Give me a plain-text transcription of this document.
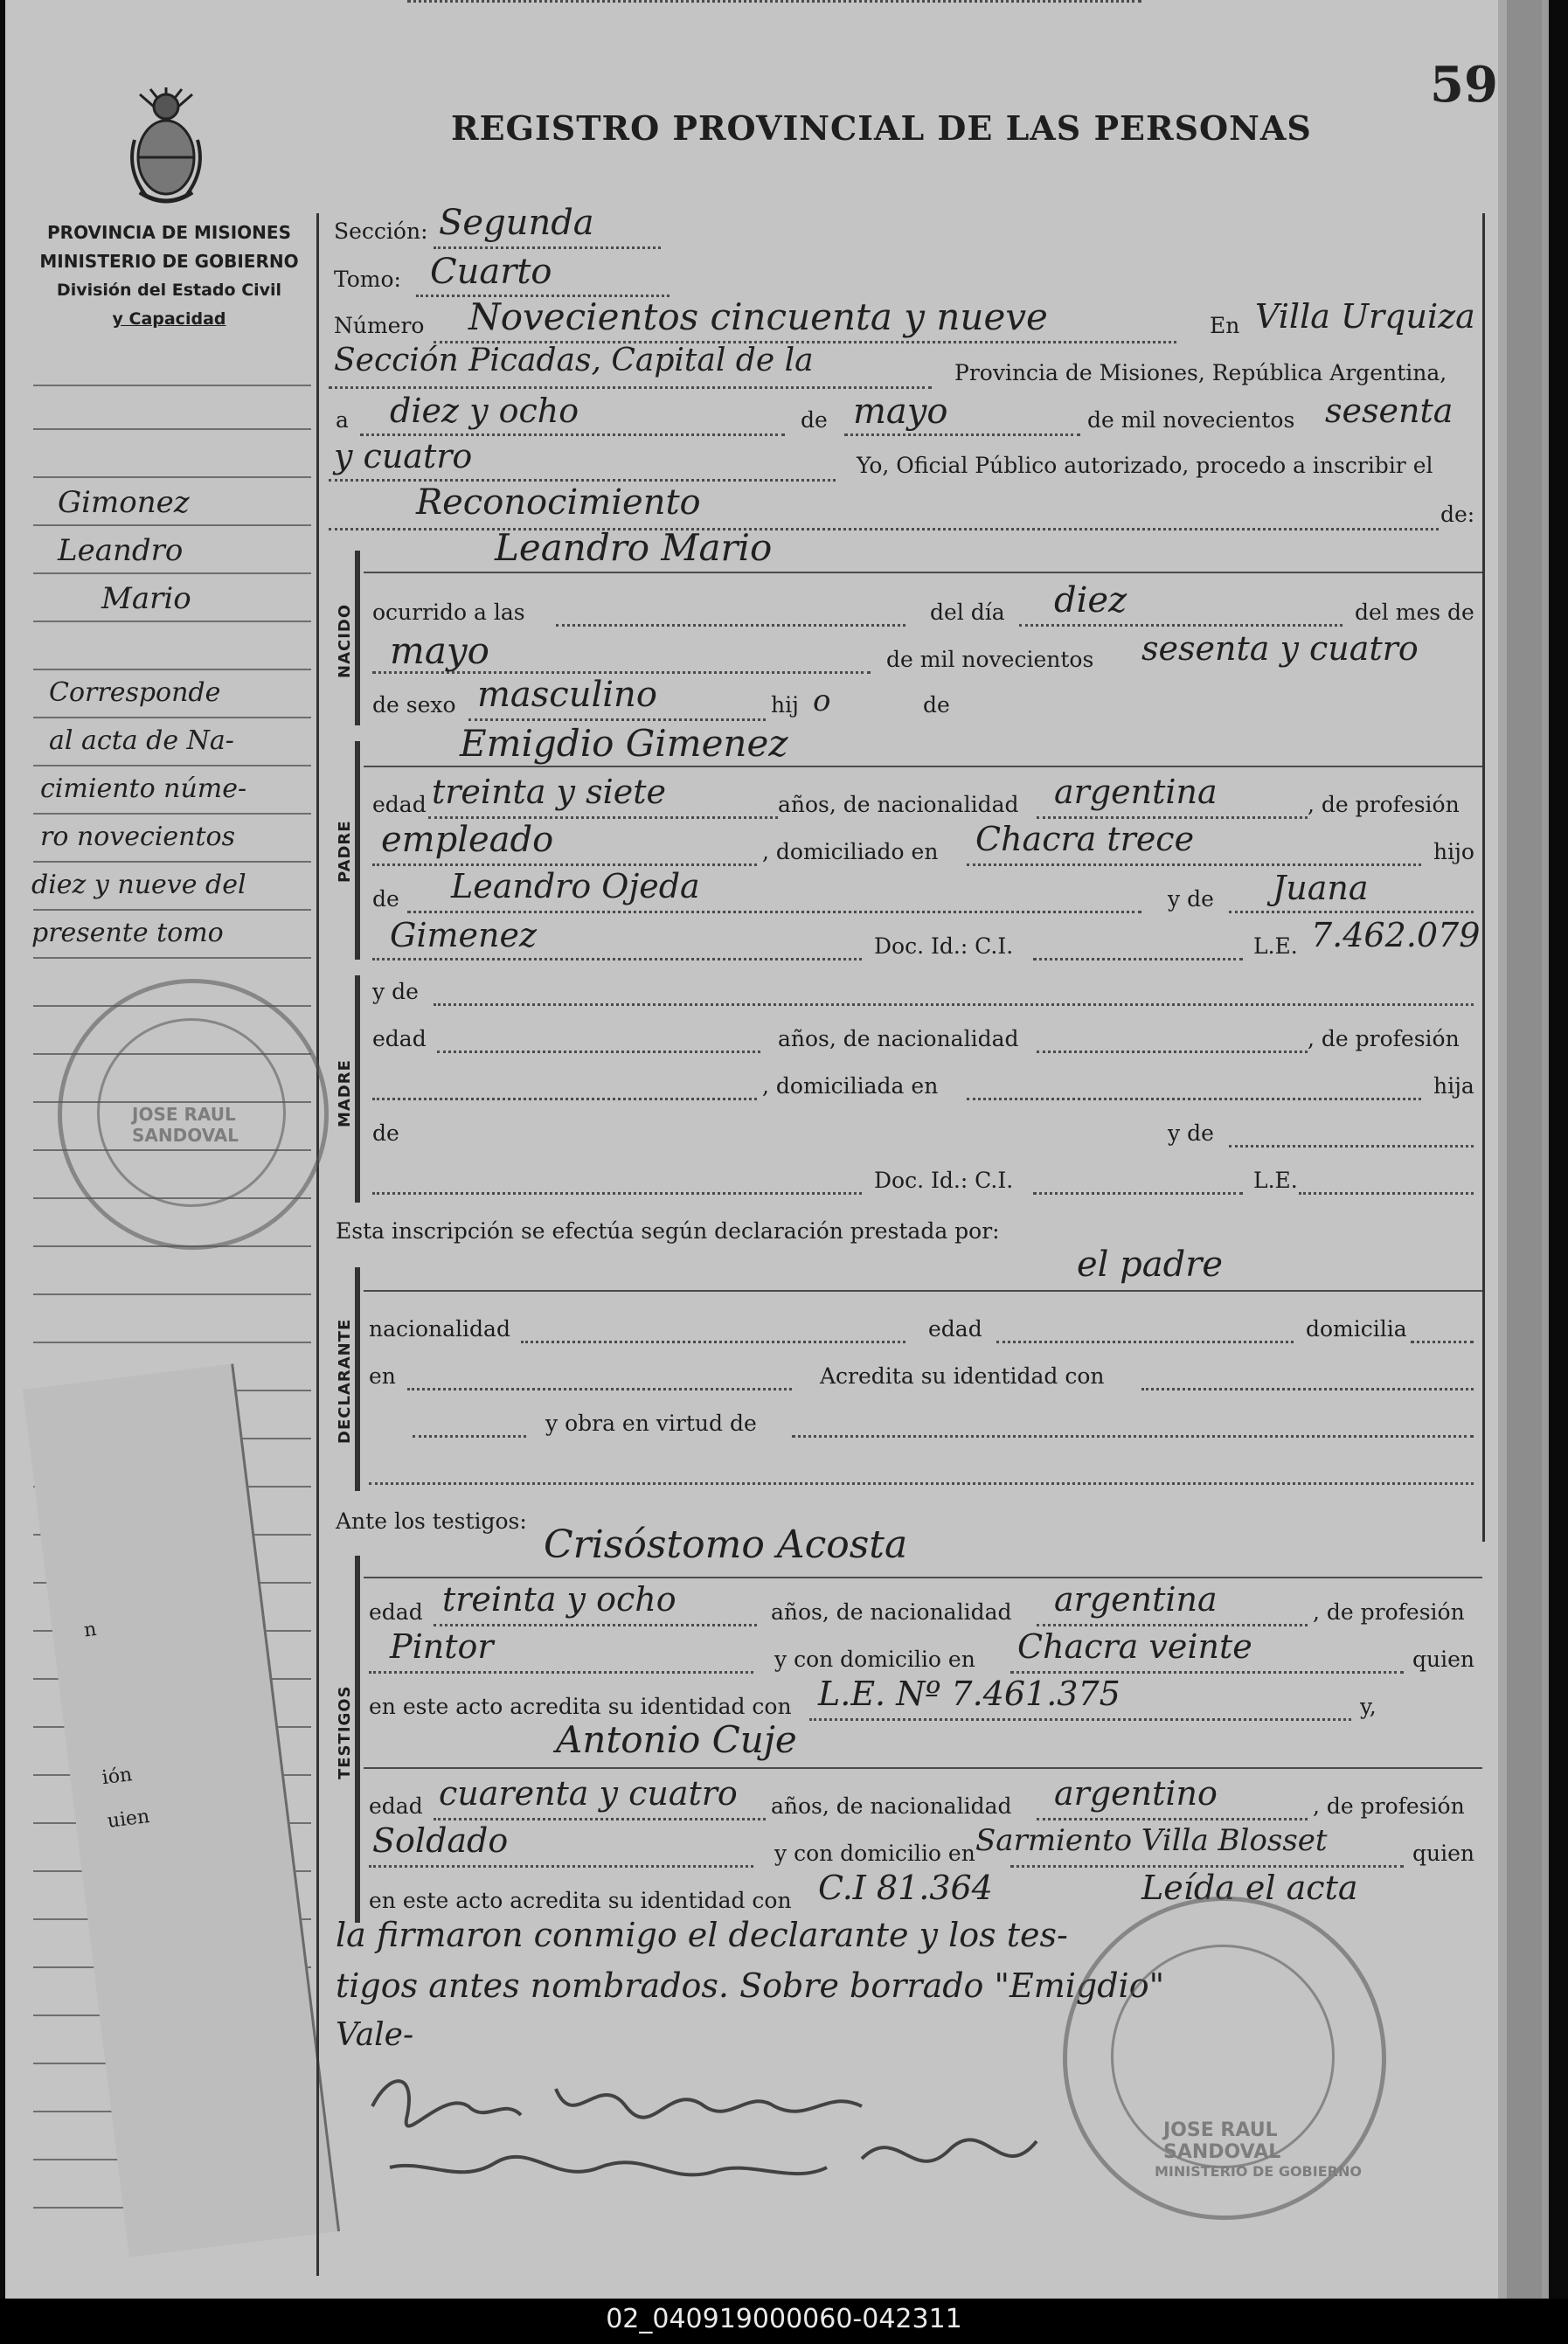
59
REGISTRO PROVINCIAL DE LAS PERSONAS
PROVINCIA DE MISIONES
MINISTERIO DE GOBIERNO
División del Estado Civil
y Capacidad
n
ión
uien
Gimonez
Leandro
Mario
Corresponde
al acta de Na-
cimiento núme-
ro novecientos
diez y nueve del
presente tomo
Sección: Segunda
Tomo: Cuarto
Número Novecientos cincuenta y nueve	En Villa Urquiza
Sección Picadas, Capital de la	Provincia de Misiones, República Argentina,
a diez y ocho	de mayo	de mil novecientos sesenta
y cuatro	Yo, Oficial Público autorizado, procedo a inscribir el
Reconocimiento	de:
NACIDO
Leandro Mario
ocurrido a las	del día diez	del mes de
mayo	de mil novecientos sesenta y cuatro
de sexo masculino	hij o	de
PADRE
Emigdio Gimenez
edad treinta y siete	años, de nacionalidad argentina	, de profesión
empleado	, domiciliado en Chacra trece	hijo
de Leandro Ojeda	y de Juana
Gimenez	Doc. Id.: C.I.	L.E. 7.462.079
MADRE
y de
edad	años, de nacionalidad	, de profesión
, domiciliada en	hija
de	y de
Doc. Id.: C.I.	L.E.
Esta inscripción se efectúa según declaración prestada por:
DECLARANTE
el padre
nacionalidad	edad	domicilia
en	Acredita su identidad con
y obra en virtud de
Ante los testigos:
TESTIGOS
Crisóstomo Acosta
edad treinta y ocho	años, de nacionalidad argentina	, de profesión
Pintor	y con domicilio en Chacra veinte	quien
en este acto acredita su identidad con L.E. Nº 7.461.375	y,
Antonio Cuje
edad cuarenta y cuatro años, de nacionalidad argentino	, de profesión
Soldado	y con domicilio en Sarmiento Villa Blosset	quien
en este acto acredita su identidad con C.I 81.364	Leída el acta
la firmaron conmigo el declarante y los tes-
tigos antes nombrados. Sobre borrado "Emigdio"
Vale-
JOSE RAUL SANDOVAL
JOSE RAUL SANDOVAL
MINISTERIO DE GOBIERNO
02_040919000060-042311
